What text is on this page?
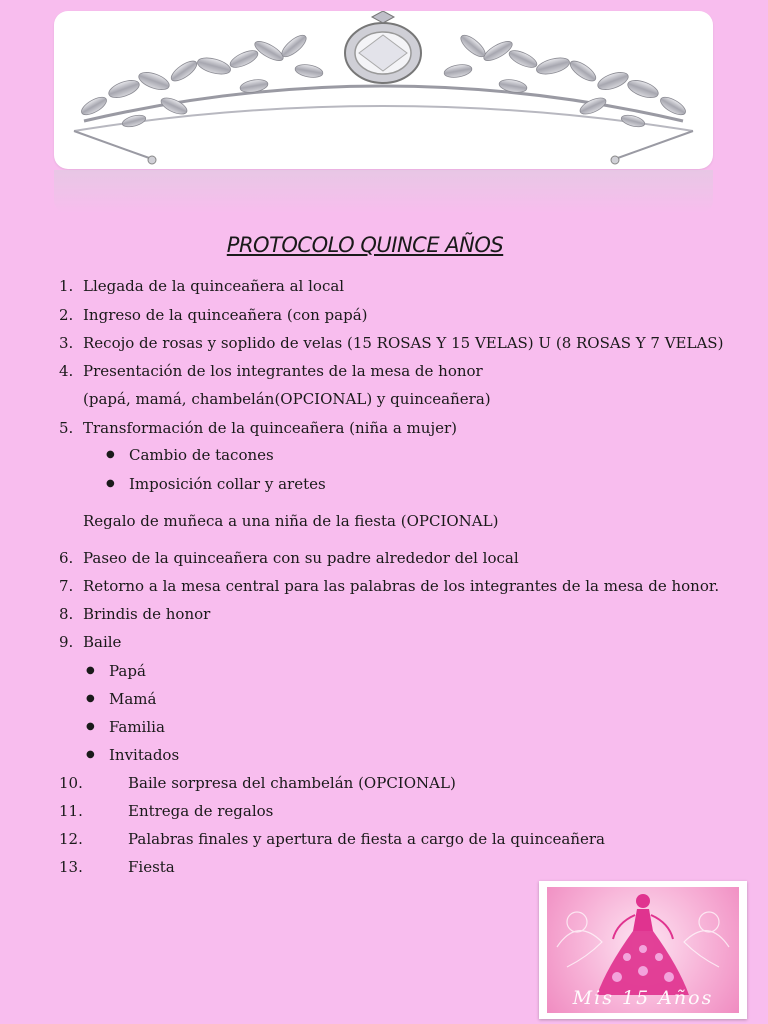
PROTOCOLO QUINCE AÑOS
1. Llegada de la quinceañera al local
2. Ingreso de la quinceañera (con papá)
3. Recojo de rosas y soplido de velas (15 ROSAS Y 15 VELAS) U (8 ROSAS Y 7 VELAS)
4. Presentación de los integrantes de la mesa de honor
(papá, mamá, chambelán(OPCIONAL) y quinceañera)
5. Transformación de la quinceañera (niña a mujer)
● Cambio de tacones
● Imposición collar y aretes
Regalo de muñeca a una niña de la fiesta (OPCIONAL)
6. Paseo de la quinceañera con su padre alrededor del local
7. Retorno a la mesa central para las palabras de los integrantes de la mesa de honor.
8. Brindis de honor
9. Baile
● Papá
● Mamá
● Familia
● Invitados
10.	Baile sorpresa del chambelán (OPCIONAL)
11.	Entrega de regalos
12.	Palabras finales y apertura de fiesta a cargo de la quinceañera
13.	Fiesta
Mis 15 Años
